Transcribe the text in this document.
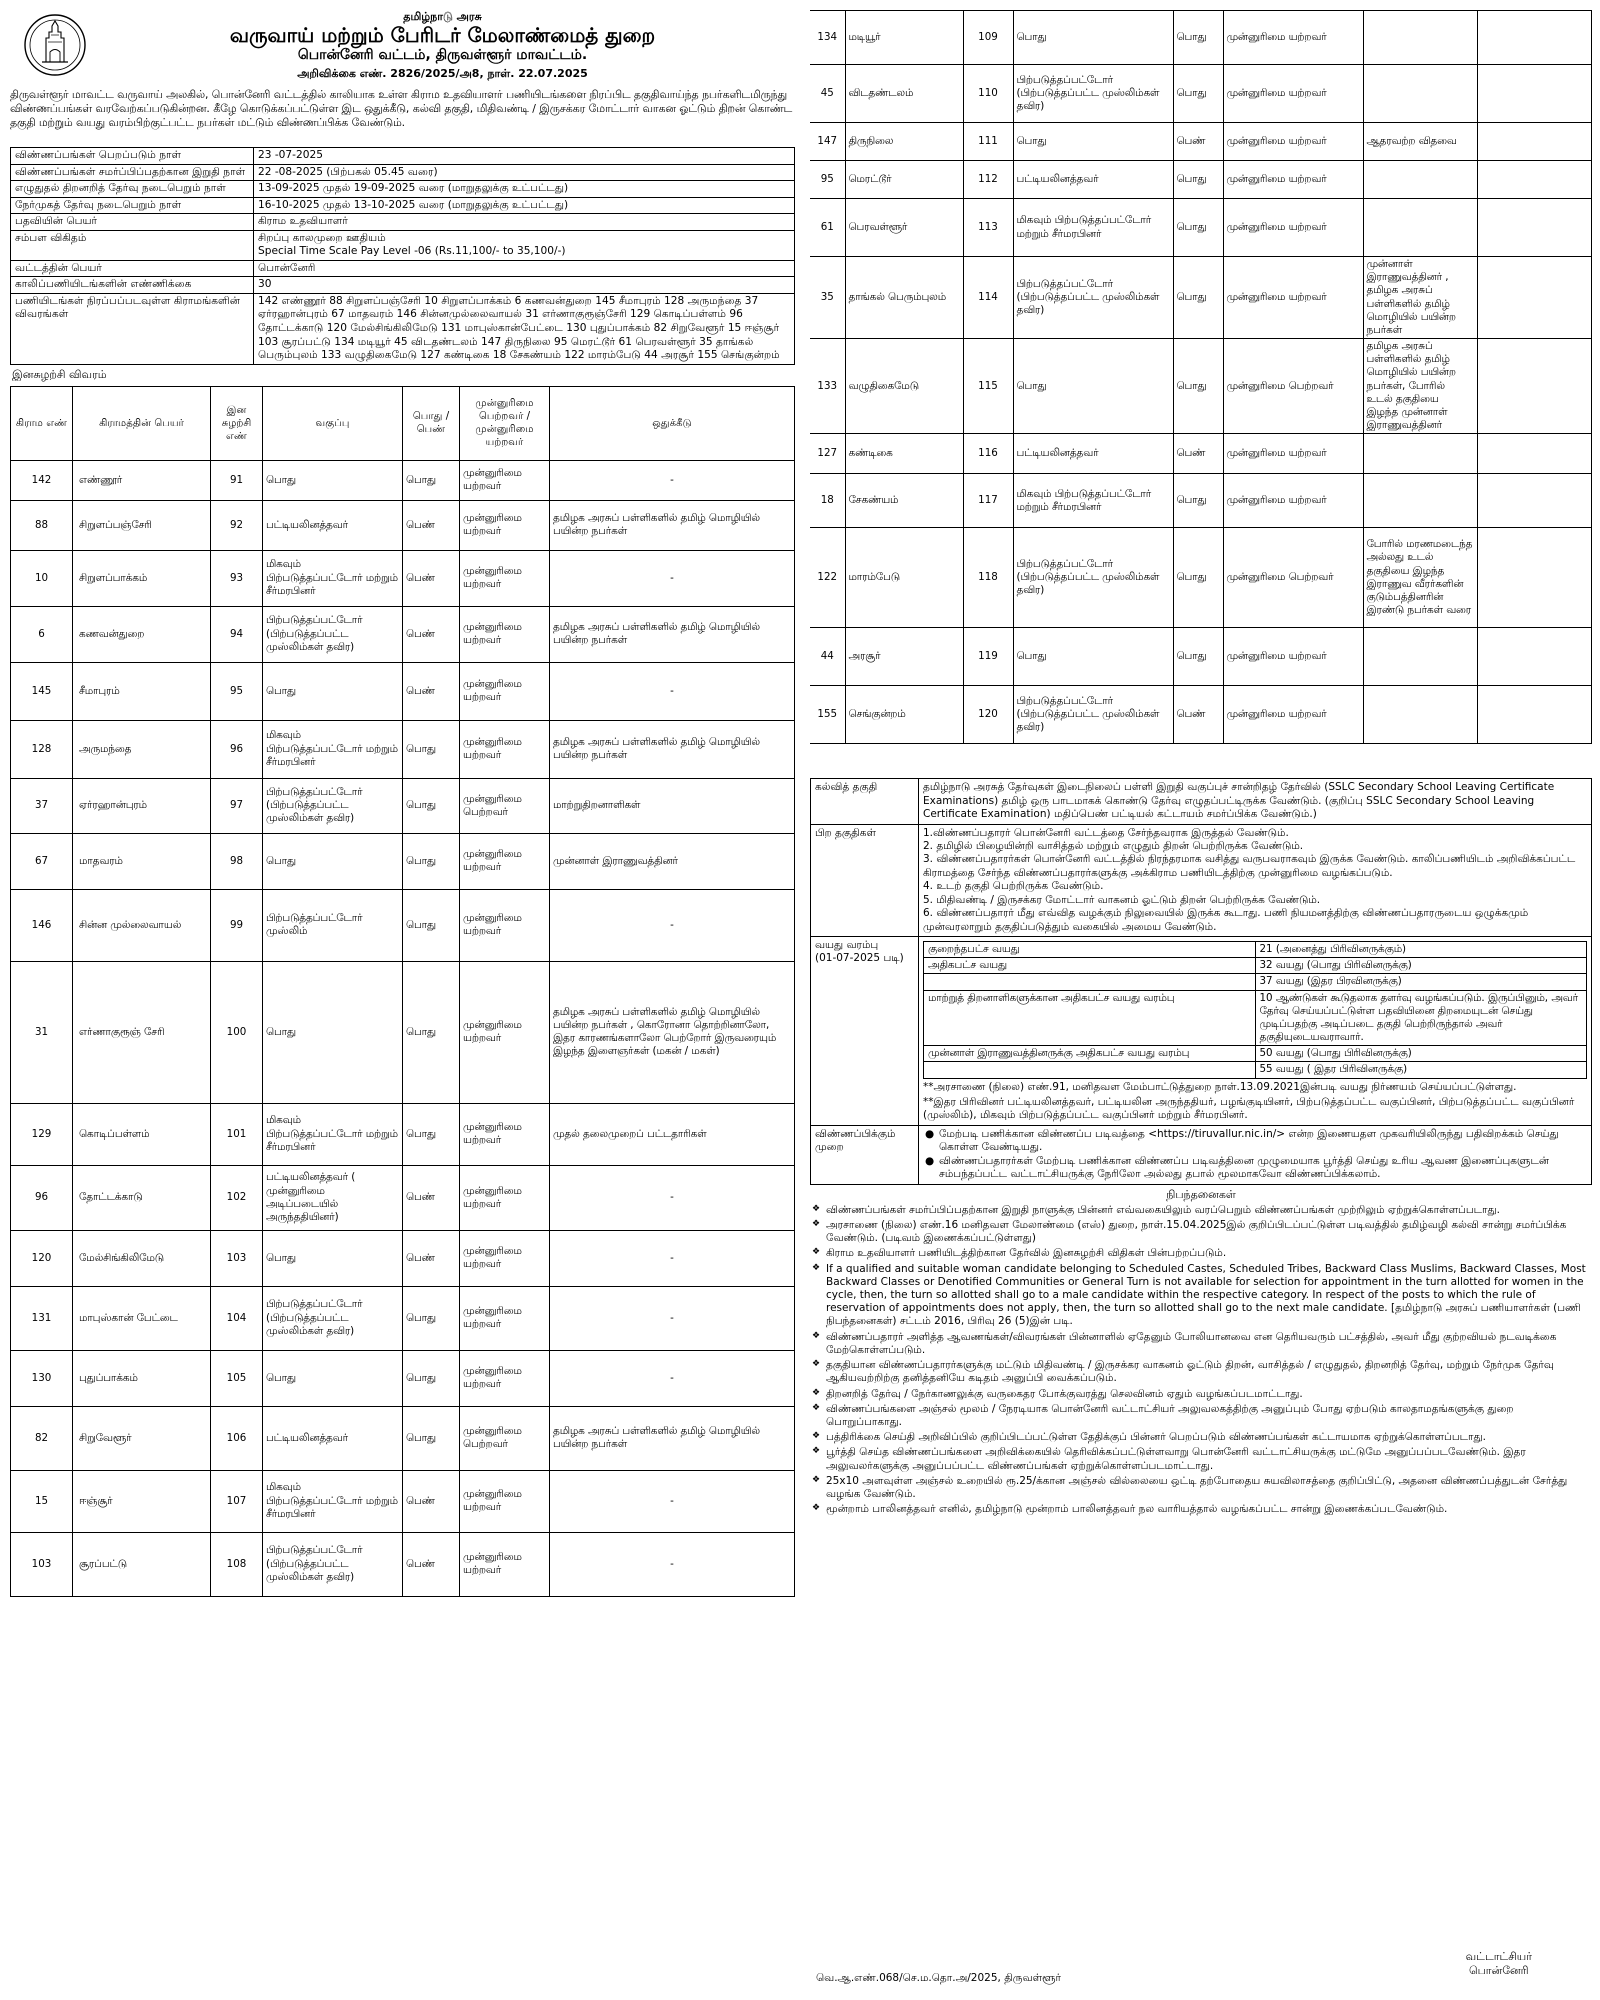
தமிழ்நாடு அரசு
வருவாய் மற்றும் பேரிடர் மேலாண்மைத் துறை
பொன்னேரி வட்டம், திருவள்ளூர் மாவட்டம்.
அறிவிக்கை எண். 2826/2025/அ8, நாள். 22.07.2025
திருவள்ளூர் மாவட்ட வருவாய் அலகில், பொன்னேரி வட்டத்தில் காலியாக உள்ள கிராம உதவியாளர் பணியிடங்களை நிரப்பிட தகுதிவாய்ந்த நபர்களிடமிருந்து விண்ணப்பங்கள் வரவேற்கப்படுகின்றன. கீழே கொடுக்கப்பட்டுள்ள இட ஒதுக்கீடு, கல்வி தகுதி, மிதிவண்டி / இருசக்கர மோட்டார் வாகன ஓட்டும் திறன் கொண்ட தகுதி மற்றும் வயது வரம்பிற்குட்பட்ட நபர்கள் மட்டும் விண்ணப்பிக்க வேண்டும்.
விண்ணப்பங்கள் பெறப்படும் நாள்	23 -07-2025

விண்ணப்பங்கள் சமர்ப்பிப்பதற்கான இறுதி நாள்	22 -08-2025 (பிற்பகல் 05.45 வரை)

எழுதுதல் திறனறித் தேர்வு நடைபெறும் நாள்	13-09-2025 முதல் 19-09-2025 வரை (மாறுதலுக்கு உட்பட்டது)

நேர்முகத் தேர்வு நடைபெறும் நாள்	16-10-2025 முதல் 13-10-2025 வரை (மாறுதலுக்கு உட்பட்டது)

பதவியின் பெயர்	கிராம உதவியாளர்

சம்பள விகிதம்	சிறப்பு காலமுறை ஊதியம்
Special Time Scale Pay Level -06 (Rs.11,100/- to 35,100/-)

வட்டத்தின் பெயர்	பொன்னேரி

காலிப்பணியிடங்களின் எண்ணிக்கை	30

பணியிடங்கள் நிரப்பப்படவுள்ள கிராமங்களின் விவரங்கள்	142 எண்ணூர் 88 சிறுளப்பஞ்சேரி 10 சிறுளப்பாக்கம் 6 கணவன்துறை 145 சீமாபுரம் 128 அருமந்தை 37 ஏர்ரஹான்புரம் 67 மாதவரம் 146 சின்னமுல்லைவாயல் 31 எர்ணாகுரூஞ்சேரி 129 கொடிப்பள்ளம் 96 தோட்டக்காடு 120 மேல்சிங்கிலிமேடு 131 மாபுஸ்கான்பேட்டை 130 புதுப்பாக்கம் 82 சிறுவேளூர் 15 ஈஞ்சூர் 103 சூரப்பட்டு 134 மடியூர் 45 விடதண்டலம் 147 திருநிலை 95 மெரட்டூர் 61 பெரவள்ளூர் 35 தாங்கல் பெரும்புலம் 133 வழுதிகைமேடு 127 கண்டிகை 18 சேகண்யம் 122 மாரம்பேடு 44 அரசூர் 155 செங்குன்றம்
இனசுழற்சி விவரம்
கிராம எண்	கிராமத்தின் பெயர்	இன சுழற்சி எண்	வகுப்பு	பொது / பெண்	முன்னுரிமை பெற்றவர் / முன்னுரிமை யற்றவர்	ஒதுக்கீடு
142	எண்ணூர்	91	பொது	பொது	முன்னுரிமை யற்றவர்	-
88	சிறுளப்பஞ்சேரி	92	பட்டியலினத்தவர்	பெண்	முன்னுரிமை யற்றவர்	தமிழக அரசுப் பள்ளிகளில் தமிழ் மொழியில் பயின்ற நபர்கள்
10	சிறுளப்பாக்கம்	93	மிகவும் பிற்படுத்தப்பட்டோர் மற்றும் சீர்மரபினர்	பெண்	முன்னுரிமை யற்றவர்	-
6	கணவன்துறை	94	பிற்படுத்தப்பட்டோர் (பிற்படுத்தப்பட்ட முஸ்லிம்கள் தவிர)	பெண்	முன்னுரிமை யற்றவர்	தமிழக அரசுப் பள்ளிகளில் தமிழ் மொழியில் பயின்ற நபர்கள்
145	சீமாபுரம்	95	பொது	பெண்	முன்னுரிமை யற்றவர்	-
128	அருமந்தை	96	மிகவும் பிற்படுத்தப்பட்டோர் மற்றும் சீர்மரபினர்	பொது	முன்னுரிமை யற்றவர்	தமிழக அரசுப் பள்ளிகளில் தமிழ் மொழியில் பயின்ற நபர்கள்
37	ஏர்ரஹான்புரம்	97	பிற்படுத்தப்பட்டோர் (பிற்படுத்தப்பட்ட முஸ்லிம்கள் தவிர)	பொது	முன்னுரிமை பெற்றவர்	மாற்றுதிறனாளிகள்
67	மாதவரம்	98	பொது	பொது	முன்னுரிமை யற்றவர்	முன்னாள் இராணுவத்தினர்
146	சின்ன முல்லைவாயல்	99	பிற்படுத்தப்பட்டோர் முஸ்லிம்	பொது	முன்னுரிமை யற்றவர்	-
31	எர்ணாகுரூஞ் சேரி	100	பொது	பொது	முன்னுரிமை யற்றவர்	தமிழக அரசுப் பள்ளிகளில் தமிழ் மொழியில் பயின்ற நபர்கள் , கொரோனா தொற்றினாலோ, இதர காரணங்களாலோ பெற்றோர் இருவரையும் இழந்த இளைஞர்கள் (மகன் / மகள்)
129	கொடிப்பள்ளம்	101	மிகவும் பிற்படுத்தப்பட்டோர் மற்றும் சீர்மரபினர்	பொது	முன்னுரிமை யற்றவர்	முதல் தலைமுறைப் பட்டதாரிகள்
96	தோட்டக்காடு	102	பட்டியலினத்தவர் ( முன்னுரிமை அடிப்படையில் அருந்ததியினர்)	பெண்	முன்னுரிமை யற்றவர்	-
120	மேல்சிங்கிலிமேடு	103	பொது	பெண்	முன்னுரிமை யற்றவர்	-
131	மாபுஸ்கான் பேட்டை	104	பிற்படுத்தப்பட்டோர் (பிற்படுத்தப்பட்ட முஸ்லிம்கள் தவிர)	பொது	முன்னுரிமை யற்றவர்	-
130	புதுப்பாக்கம்	105	பொது	பொது	முன்னுரிமை யற்றவர்	-
82	சிறுவேளூர்	106	பட்டியலினத்தவர்	பொது	முன்னுரிமை பெற்றவர்	தமிழக அரசுப் பள்ளிகளில் தமிழ் மொழியில் பயின்ற நபர்கள்
15	ஈஞ்சூர்	107	மிகவும் பிற்படுத்தப்பட்டோர் மற்றும் சீர்மரபினர்	பெண்	முன்னுரிமை யற்றவர்	-
103	சூரப்பட்டு	108	பிற்படுத்தப்பட்டோர் (பிற்படுத்தப்பட்ட முஸ்லிம்கள் தவிர)	பெண்	முன்னுரிமை யற்றவர்	-
134	மடியூர்	109	பொது	பொது	முன்னுரிமை யற்றவர்		
45	விடதண்டலம்	110	பிற்படுத்தப்பட்டோர் (பிற்படுத்தப்பட்ட முஸ்லிம்கள் தவிர)	பொது	முன்னுரிமை யற்றவர்		
147	திருநிலை	111	பொது	பெண்	முன்னுரிமை யற்றவர்	ஆதரவற்ற விதவை	
95	மெரட்டூர்	112	பட்டியலினத்தவர்	பொது	முன்னுரிமை யற்றவர்		
61	பெரவள்ளூர்	113	மிகவும் பிற்படுத்தப்பட்டோர் மற்றும் சீர்மரபினர்	பொது	முன்னுரிமை யற்றவர்		
35	தாங்கல் பெரும்புலம்	114	பிற்படுத்தப்பட்டோர் (பிற்படுத்தப்பட்ட முஸ்லிம்கள் தவிர)	பொது	முன்னுரிமை யற்றவர்	முன்னாள் இராணுவத்தினர் , தமிழக அரசுப் பள்ளிகளில் தமிழ் மொழியில் பயின்ற நபர்கள்	
133	வழுதிகைமேடு	115	பொது	பொது	முன்னுரிமை பெற்றவர்	தமிழக அரசுப் பள்ளிகளில் தமிழ் மொழியில் பயின்ற நபர்கள், போரில் உடல் தகுதியை இழந்த முன்னாள் இராணுவத்தினர்	
127	கண்டிகை	116	பட்டியலினத்தவர்	பெண்	முன்னுரிமை யற்றவர்		
18	சேகண்யம்	117	மிகவும் பிற்படுத்தப்பட்டோர் மற்றும் சீர்மரபினர்	பொது	முன்னுரிமை யற்றவர்		
122	மாரம்பேடு	118	பிற்படுத்தப்பட்டோர் (பிற்படுத்தப்பட்ட முஸ்லிம்கள் தவிர)	பொது	முன்னுரிமை பெற்றவர்	போரில் மரணமடைந்த அல்லது உடல் தகுதியை இழந்த இராணுவ வீரர்களின் குடும்பத்தினரின் இரண்டு நபர்கள் வரை	
44	அரசூர்	119	பொது	பொது	முன்னுரிமை யற்றவர்		
155	செங்குன்றம்	120	பிற்படுத்தப்பட்டோர் (பிற்படுத்தப்பட்ட முஸ்லிம்கள் தவிர)	பெண்	முன்னுரிமை யற்றவர்		
கல்வித் தகுதி	தமிழ்நாடு அரசுத் தேர்வுகள் இடைநிலைப் பள்ளி இறுதி வகுப்புச் சான்றிதழ் தேர்வில் (SSLC Secondary School Leaving Certificate Examinations) தமிழ் ஒரு பாடமாகக் கொண்டு தேர்வு எழுதப்பட்டிருக்க வேண்டும். (குறிப்பு SSLC Secondary School Leaving Certificate Examination) மதிப்பெண் பட்டியல் கட்டாயம் சமர்ப்பிக்க வேண்டும்.)
பிற தகுதிகள்	1.விண்ணப்பதாரர் பொன்னேரி வட்டத்தை சேர்ந்தவராக இருத்தல் வேண்டும்.
2. தமிழில் பிழையின்றி வாசித்தல் மற்றும் எழுதும் திறன் பெற்றிருக்க வேண்டும்.
3. விண்ணப்பதாரர்கள் பொன்னேரி வட்டத்தில் நிரந்தரமாக வசித்து வருபவராகவும் இருக்க வேண்டும். காலிப்பணியிடம் அறிவிக்கப்பட்ட கிராமத்தை சேர்ந்த விண்ணப்பதாரர்களுக்கு அக்கிராம பணியிடத்திற்கு முன்னுரிமை வழங்கப்படும்.
4. உடற் தகுதி பெற்றிருக்க வேண்டும்.
5. மிதிவண்டி / இருசக்கர மோட்டார் வாகனம் ஓட்டும் திறன் பெற்றிருக்க வேண்டும்.
6. விண்ணப்பதாரர் மீது எவ்வித வழக்கும் நிலுவையில் இருக்க கூடாது. பணி நியமனத்திற்கு விண்ணப்பதாரருடைய ஒழுக்கமும் முன்வரலாறும் தகுதிப்படுத்தும் வகையில் அமைய வேண்டும்.

வயது வரம்பு
(01-07-2025 படி)

குறைந்தபட்ச வயது	21 (அனைத்து பிரிவினருக்கும்)
அதிகபட்ச வயது	32 வயது (பொது பிரிவினருக்கு)
	37 வயது (இதர பிரவினருக்கு)
மாற்றுத் திறனாளிகளுக்கான அதிகபட்ச வயது வரம்பு	10 ஆண்டுகள் கூடுதலாக தளர்வு வழங்கப்படும். இருப்பினும், அவர் தேர்வு செய்யப்பட்டுள்ள பதவியினை திறமையுடன் செய்து முடிப்பதற்கு அடிப்படை தகுதி பெற்றிருந்தால் அவர் தகுதியுடையவராவார்.
முன்னாள் இராணுவத்தினருக்கு அதிகபட்ச வயது வரம்பு	50 வயது (பொது பிரிவினருக்கு)
	55 வயது ( இதர பிரிவினருக்கு)
**அரசாணை (நிலை) எண்.91, மனிதவள மேம்பாட்டுத்துறை நாள்.13.09.2021இன்படி வயது நிர்ணயம் செய்யப்பட்டுள்ளது.
**இதர பிரிவினர் பட்டியலினத்தவர், பட்டியலின அருந்ததியர், பழங்குடியினர், பிற்படுத்தப்பட்ட வகுப்பினர், பிற்படுத்தப்பட்ட வகுப்பினர் (முஸ்லிம்), மிகவும் பிற்படுத்தப்பட்ட வகுப்பினர் மற்றும் சீர்மரபினர்.

விண்ணப்பிக்கும் முறை	
● மேற்படி பணிக்கான விண்ணப்ப படிவத்தை <https://tiruvallur.nic.in/> என்ற இணையதள முகவரியிலிருந்து பதிவிறக்கம் செய்து கொள்ள வேண்டியது.
● விண்ணப்பதாரர்கள் மேற்படி பணிக்கான விண்ணப்ப படிவத்தினை முழுமையாக பூர்த்தி செய்து உரிய ஆவண இணைப்புகளுடன் சம்பந்தப்பட்ட வட்டாட்சியருக்கு நேரிலோ அல்லது தபால் மூலமாகவோ விண்ணப்பிக்கலாம்.
நிபந்தனைகள்
❖ விண்ணப்பங்கள் சமர்ப்பிப்பதற்கான இறுதி நாளுக்கு பின்னர் எவ்வகையிலும் வரப்பெறும் விண்ணப்பங்கள் முற்றிலும் ஏற்றுக்கொள்ளப்படாது.
❖ அரசாணை (நிலை) எண்.16 மனிதவள மேலாண்மை (எஸ்) துறை, நாள்.15.04.2025இல் குறிப்பிடப்பட்டுள்ள படிவத்தில் தமிழ்வழி கல்வி சான்று சமர்ப்பிக்க வேண்டும். (படிவம் இணைக்கப்பட்டுள்ளது)
❖ கிராம உதவியாளர் பணியிடத்திற்கான தேர்வில் இனசுழற்சி விதிகள் பின்பற்றப்படும்.
❖ If a qualified and suitable woman candidate belonging to Scheduled Castes, Scheduled Tribes, Backward Class Muslims, Backward Classes, Most Backward Classes or Denotified Communities or General Turn is not available for selection for appointment in the turn allotted for women in the cycle, then, the turn so allotted shall go to a male candidate within the respective category. In respect of the posts to which the rule of reservation of appointments does not apply, then, the turn so allotted shall go to the next male candidate. [தமிழ்நாடு அரசுப் பணியாளர்கள் (பணி நிபந்தனைகள்) சட்டம் 2016, பிரிவு 26 (5)இன் படி.
❖ விண்ணப்பதாரர் அளித்த ஆவணங்கள்/விவரங்கள் பின்னாளில் ஏதேனும் போலியானவை என தெரியவரும் பட்சத்தில், அவர் மீது குற்றவியல் நடவடிக்கை மேற்கொள்ளப்படும்.
❖ தகுதியான விண்ணப்பதாரர்களுக்கு மட்டும் மிதிவண்டி / இருசக்கர வாகனம் ஓட்டும் திறன், வாசித்தல் / எழுதுதல், திறனறித் தேர்வு, மற்றும் நேர்முக தேர்வு ஆகியவற்றிற்கு தனித்தனியே கடிதம் அனுப்பி வைக்கப்படும்.
❖ திறனறித் தேர்வு / நேர்காணலுக்கு வருகைதர போக்குவரத்து செலவினம் ஏதும் வழங்கப்படமாட்டாது.
❖ விண்ணப்பங்களை அஞ்சல் மூலம் / நேரடியாக பொன்னேரி வட்டாட்சியர் அலுவலகத்திற்கு அனுப்பும் போது ஏற்படும் காலதாமதங்களுக்கு துறை பொறுப்பாகாது.
❖ பத்திரிக்கை செய்தி அறிவிப்பில் குறிப்பிடப்பட்டுள்ள தேதிக்குப் பின்னர் பெறப்படும் விண்ணப்பங்கள் கட்டாயமாக ஏற்றுக்கொள்ளப்படாது.
❖ பூர்த்தி செய்த விண்ணப்பங்களை அறிவிக்கையில் தெரிவிக்கப்பட்டுள்ளவாறு பொன்னேரி வட்டாட்சியருக்கு மட்டுமே அனுப்பப்படவேண்டும். இதர அலுவலர்களுக்கு அனுப்பப்பட்ட விண்ணப்பங்கள் ஏற்றுக்கொள்ளப்படமாட்டாது.
❖ 25x10 அளவுள்ள அஞ்சல் உறையில் ரூ.25/க்கான அஞ்சல் வில்லையை ஒட்டி தற்போதைய சுயவிலாசத்தை குறிப்பிட்டு, அதனை விண்ணப்பத்துடன் சேர்த்து வழங்க வேண்டும்.
❖ மூன்றாம் பாலினத்தவர் எனில், தமிழ்நாடு மூன்றாம் பாலினத்தவர் நல வாரியத்தால் வழங்கப்பட்ட சான்று இணைக்கப்படவேண்டும்.
வட்டாட்சியர்
பொன்னேரி
வெ.ஆ.எண்.068/செ.ம.தொ.அ/2025, திருவள்ளூர்
